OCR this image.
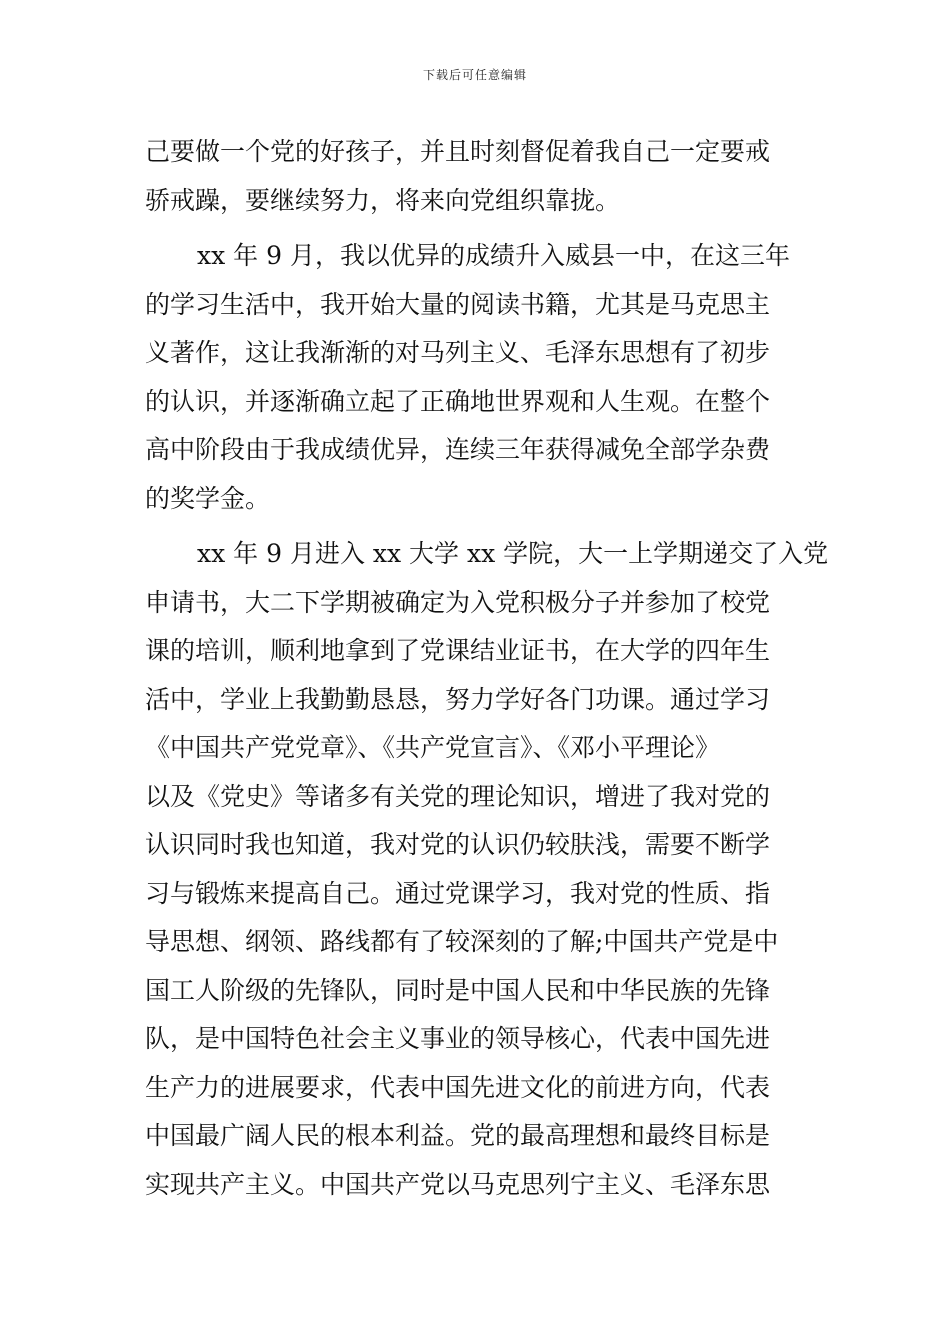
下载后可任意编辑
己要做一个党的好孩子，并且时刻督促着我自己一定要戒
骄戒躁，要继续努力，将来向党组织靠拢。
xx 年 9 月，我以优异的成绩升入威县一中，在这三年
的学习生活中，我开始大量的阅读书籍，尤其是马克思主
义著作，这让我渐渐的对马列主义、毛泽东思想有了初步
的认识，并逐渐确立起了正确地世界观和人生观。在整个
高中阶段由于我成绩优异，连续三年获得减免全部学杂费
的奖学金。
xx 年 9 月进入 xx 大学 xx 学院，大一上学期递交了入党
申请书，大二下学期被确定为入党积极分子并参加了校党
课的培训，顺利地拿到了党课结业证书，在大学的四年生
活中，学业上我勤勤恳恳，努力学好各门功课。通过学习
《中国共产党党章》、《共产党宣言》、《邓小平理论》
以及《党史》等诸多有关党的理论知识，增进了我对党的
认识同时我也知道，我对党的认识仍较肤浅，需要不断学
习与锻炼来提高自己。通过党课学习，我对党的性质、指
导思想、纲领、路线都有了较深刻的了解;中国共产党是中
国工人阶级的先锋队，同时是中国人民和中华民族的先锋
队，是中国特色社会主义事业的领导核心，代表中国先进
生产力的进展要求，代表中国先进文化的前进方向，代表
中国最广阔人民的根本利益。党的最高理想和最终目标是
实现共产主义。中国共产党以马克思列宁主义、毛泽东思
